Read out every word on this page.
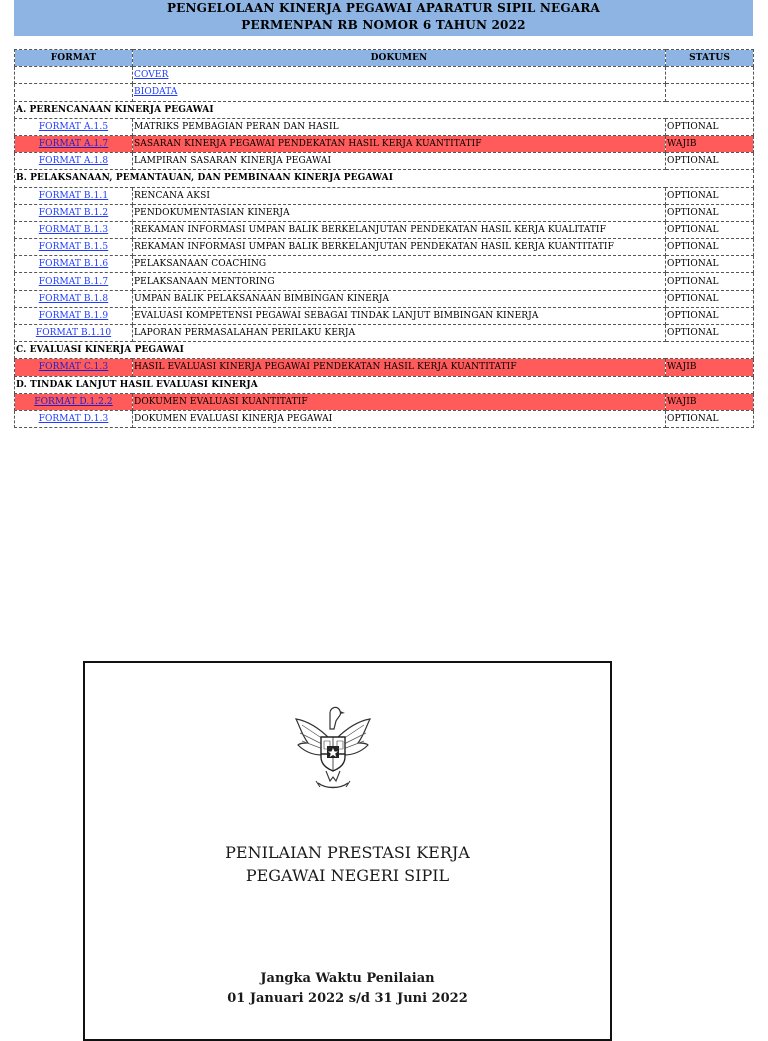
PENGELOLAAN KINERJA PEGAWAI APARATUR SIPIL NEGARA
PERMENPAN RB NOMOR 6 TAHUN 2022
FORMAT	DOKUMEN	STATUS
	COVER	
	BIODATA	
A. PERENCANAAN KINERJA PEGAWAI		
FORMAT A.1.5	MATRIKS PEMBAGIAN PERAN DAN HASIL	OPTIONAL
FORMAT A.1.7	SASARAN KINERJA PEGAWAI PENDEKATAN HASIL KERJA KUANTITATIF	WAJIB
FORMAT A.1.8	LAMPIRAN SASARAN KINERJA PEGAWAI	OPTIONAL
B. PELAKSANAAN, PEMANTAUAN, DAN PEMBINAAN KINERJA PEGAWAI		
FORMAT B.1.1	RENCANA AKSI	OPTIONAL
FORMAT B.1.2	PENDOKUMENTASIAN KINERJA	OPTIONAL
FORMAT B.1.3	REKAMAN INFORMASI UMPAN BALIK BERKELANJUTAN PENDEKATAN HASIL KERJA KUALITATIF	OPTIONAL
FORMAT B.1.5	REKAMAN INFORMASI UMPAN BALIK BERKELANJUTAN PENDEKATAN HASIL KERJA KUANTITATIF	OPTIONAL
FORMAT B.1.6	PELAKSANAAN COACHING	OPTIONAL
FORMAT B.1.7	PELAKSANAAN MENTORING	OPTIONAL
FORMAT B.1.8	UMPAN BALIK PELAKSANAAN BIMBINGAN KINERJA	OPTIONAL
FORMAT B.1.9	EVALUASI KOMPETENSI PEGAWAI SEBAGAI TINDAK LANJUT BIMBINGAN KINERJA	OPTIONAL
FORMAT B.1.10	LAPORAN PERMASALAHAN PERILAKU KERJA	OPTIONAL
C. EVALUASI KINERJA PEGAWAI		
FORMAT C.1.3	HASIL EVALUASI KINERJA PEGAWAI PENDEKATAN HASIL KERJA KUANTITATIF	WAJIB
D. TINDAK LANJUT HASIL EVALUASI KINERJA		
FORMAT D.1.2.2	DOKUMEN EVALUASI KUANTITATIF	WAJIB
FORMAT D.1.3	DOKUMEN EVALUASI KINERJA PEGAWAI	OPTIONAL
PENILAIAN PRESTASI KERJA
PEGAWAI NEGERI SIPIL
Jangka Waktu Penilaian
01 Januari 2022 s/d 31 Juni 2022
